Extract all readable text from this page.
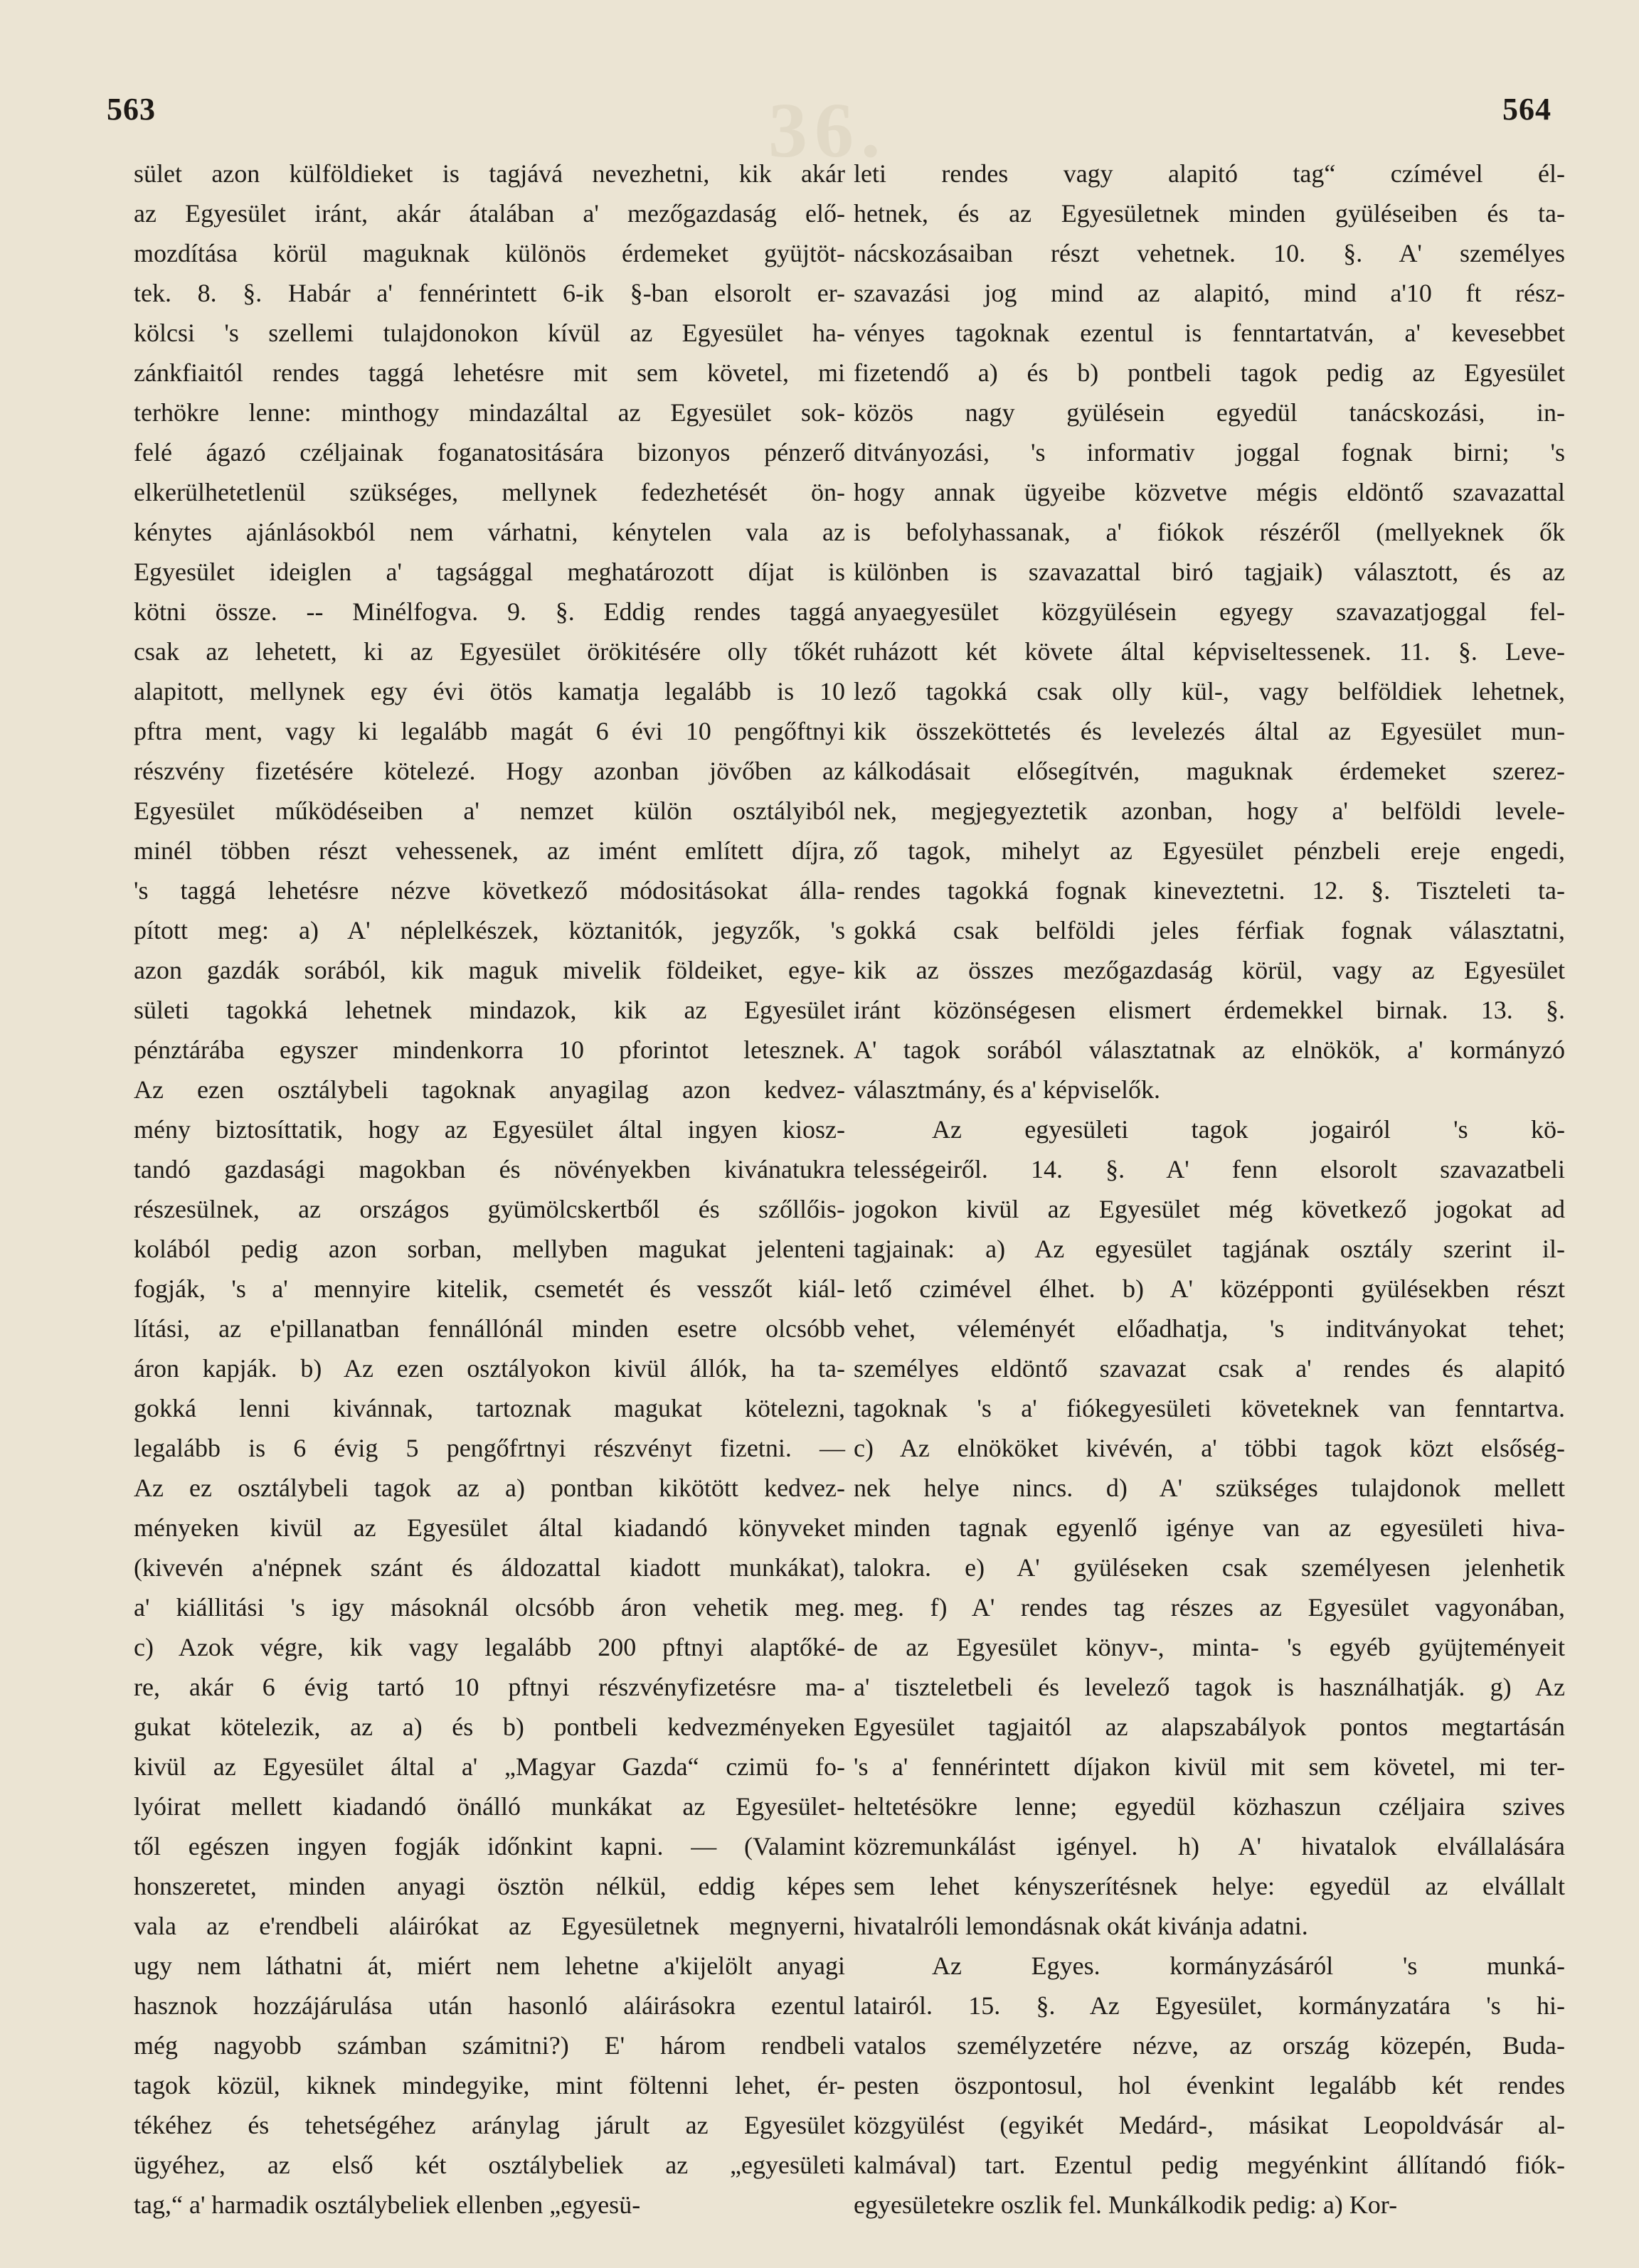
36.
563	564
sület azon külföldieket is tagjává nevezhetni, kik akár
az Egyesület iránt, akár átalában a' mezőgazdaság elő-
mozdítása körül maguknak különös érdemeket gyüjtöt-
tek. 8. §. Habár a' fennérintett 6-ik §-ban elsorolt er-
kölcsi 's szellemi tulajdonokon kívül az Egyesület ha-
zánkfiaitól rendes taggá lehetésre mit sem követel, mi
terhökre lenne: minthogy mindazáltal az Egyesület sok-
felé ágazó czéljainak foganatositására bizonyos pénzerő
elkerülhetetlenül szükséges, mellynek fedezhetését ön-
kénytes ajánlásokból nem várhatni, kénytelen vala az
Egyesület ideiglen a' tagsággal meghatározott díjat is
kötni össze. -- Minélfogva. 9. §. Eddig rendes taggá
csak az lehetett, ki az Egyesület örökitésére olly tőkét
alapitott, mellynek egy évi ötös kamatja legalább is 10
pftra ment, vagy ki legalább magát 6 évi 10 pengőftnyi
részvény fizetésére kötelezé. Hogy azonban jövőben az
Egyesület működéseiben a' nemzet külön osztályiból
minél többen részt vehessenek, az imént említett díjra,
's taggá lehetésre nézve következő módositásokat álla-
pított meg: a) A' néplelkészek, köztanitók, jegyzők, 's
azon gazdák sorából, kik maguk mivelik földeiket, egye-
sületi tagokká lehetnek mindazok, kik az Egyesület
pénztárába egyszer mindenkorra 10 pforintot letesznek.
Az ezen osztálybeli tagoknak anyagilag azon kedvez-
mény biztosíttatik, hogy az Egyesület által ingyen kiosz-
tandó gazdasági magokban és növényekben kivánatukra
részesülnek, az országos gyümölcskertből és szőllőis-
kolából pedig azon sorban, mellyben magukat jelenteni
fogják, 's a' mennyire kitelik, csemetét és vesszőt kiál-
lítási, az e'pillanatban fennállónál minden esetre olcsóbb
áron kapják. b) Az ezen osztályokon kivül állók, ha ta-
gokká lenni kivánnak, tartoznak magukat kötelezni,
legalább is 6 évig 5 pengőfrtnyi részvényt fizetni. —
Az ez osztálybeli tagok az a) pontban kikötött kedvez-
ményeken kivül az Egyesület által kiadandó könyveket
(kivevén a'népnek szánt és áldozattal kiadott munkákat),
a' kiállitási 's igy másoknál olcsóbb áron vehetik meg.
c) Azok végre, kik vagy legalább 200 pftnyi alaptőké-
re, akár 6 évig tartó 10 pftnyi részvényfizetésre ma-
gukat kötelezik, az a) és b) pontbeli kedvezményeken
kivül az Egyesület által a' „Magyar Gazda“ czimü fo-
lyóirat mellett kiadandó önálló munkákat az Egyesület-
től egészen ingyen fogják időnkint kapni. — (Valamint
honszeretet, minden anyagi ösztön nélkül, eddig képes
vala az e'rendbeli aláirókat az Egyesületnek megnyerni,
ugy nem láthatni át, miért nem lehetne a'kijelölt anyagi
hasznok hozzájárulása után hasonló aláirásokra ezentul
még nagyobb számban számitni?) E' három rendbeli
tagok közül, kiknek mindegyike, mint föltenni lehet, ér-
tékéhez és tehetségéhez aránylag járult az Egyesület
ügyéhez, az első két osztálybeliek az „egyesületi
tag,“ a' harmadik osztálybeliek ellenben „egyesü-
leti rendes vagy alapitó tag“ czímével él-
hetnek, és az Egyesületnek minden gyüléseiben és ta-
nácskozásaiban részt vehetnek. 10. §. A' személyes
szavazási jog mind az alapitó, mind a'10 ft rész-
vényes tagoknak ezentul is fenntartatván, a' kevesebbet
fizetendő a) és b) pontbeli tagok pedig az Egyesület
közös nagy gyülésein egyedül tanácskozási, in-
ditványozási, 's informativ joggal fognak birni; 's
hogy annak ügyeibe közvetve mégis eldöntő szavazattal
is befolyhassanak, a' fiókok részéről (mellyeknek ők
különben is szavazattal biró tagjaik) választott, és az
anyaegyesület közgyülésein egyegy szavazatjoggal fel-
ruházott két követe által képviseltessenek. 11. §. Leve-
lező tagokká csak olly kül-, vagy belföldiek lehetnek,
kik összeköttetés és levelezés által az Egyesület mun-
kálkodásait elősegítvén, maguknak érdemeket szerez-
nek, megjegyeztetik azonban, hogy a' belföldi levele-
ző tagok, mihelyt az Egyesület pénzbeli ereje engedi,
rendes tagokká fognak kineveztetni. 12. §. Tiszteleti ta-
gokká csak belföldi jeles férfiak fognak választatni,
kik az összes mezőgazdaság körül, vagy az Egyesület
iránt közönségesen elismert érdemekkel birnak. 13. §.
A' tagok sorából választatnak az elnökök, a' kormányzó
választmány, és a' képviselők.
Az egyesületi tagok jogairól 's kö-
telességeiről. 14. §. A' fenn elsorolt szavazatbeli
jogokon kivül az Egyesület még következő jogokat ad
tagjainak: a) Az egyesület tagjának osztály szerint il-
lető czimével élhet. b) A' középponti gyülésekben részt
vehet, véleményét előadhatja, 's inditványokat tehet;
személyes eldöntő szavazat csak a' rendes és alapitó
tagoknak 's a' fiókegyesületi követeknek van fenntartva.
c) Az elnököket kivévén, a' többi tagok közt elsőség-
nek helye nincs. d) A' szükséges tulajdonok mellett
minden tagnak egyenlő igénye van az egyesületi hiva-
talokra. e) A' gyüléseken csak személyesen jelenhetik
meg. f) A' rendes tag részes az Egyesület vagyonában,
de az Egyesület könyv-, minta- 's egyéb gyüjteményeit
a' tiszteletbeli és levelező tagok is használhatják. g) Az
Egyesület tagjaitól az alapszabályok pontos megtartásán
's a' fennérintett díjakon kivül mit sem követel, mi ter-
heltetésökre lenne; egyedül közhaszun czéljaira szives
közremunkálást igényel. h) A' hivatalok elvállalására
sem lehet kényszerítésnek helye: egyedül az elvállalt
hivatalróli lemondásnak okát kivánja adatni.
Az Egyes. kormányzásáról 's munká-
latairól. 15. §. Az Egyesület, kormányzatára 's hi-
vatalos személyzetére nézve, az ország közepén, Buda-
pesten öszpontosul, hol évenkint legalább két rendes
közgyülést (egyikét Medárd-, másikat Leopoldvásár al-
kalmával) tart. Ezentul pedig megyénkint állítandó fiók-
egyesületekre oszlik fel. Munkálkodik pedig: a) Kor-
